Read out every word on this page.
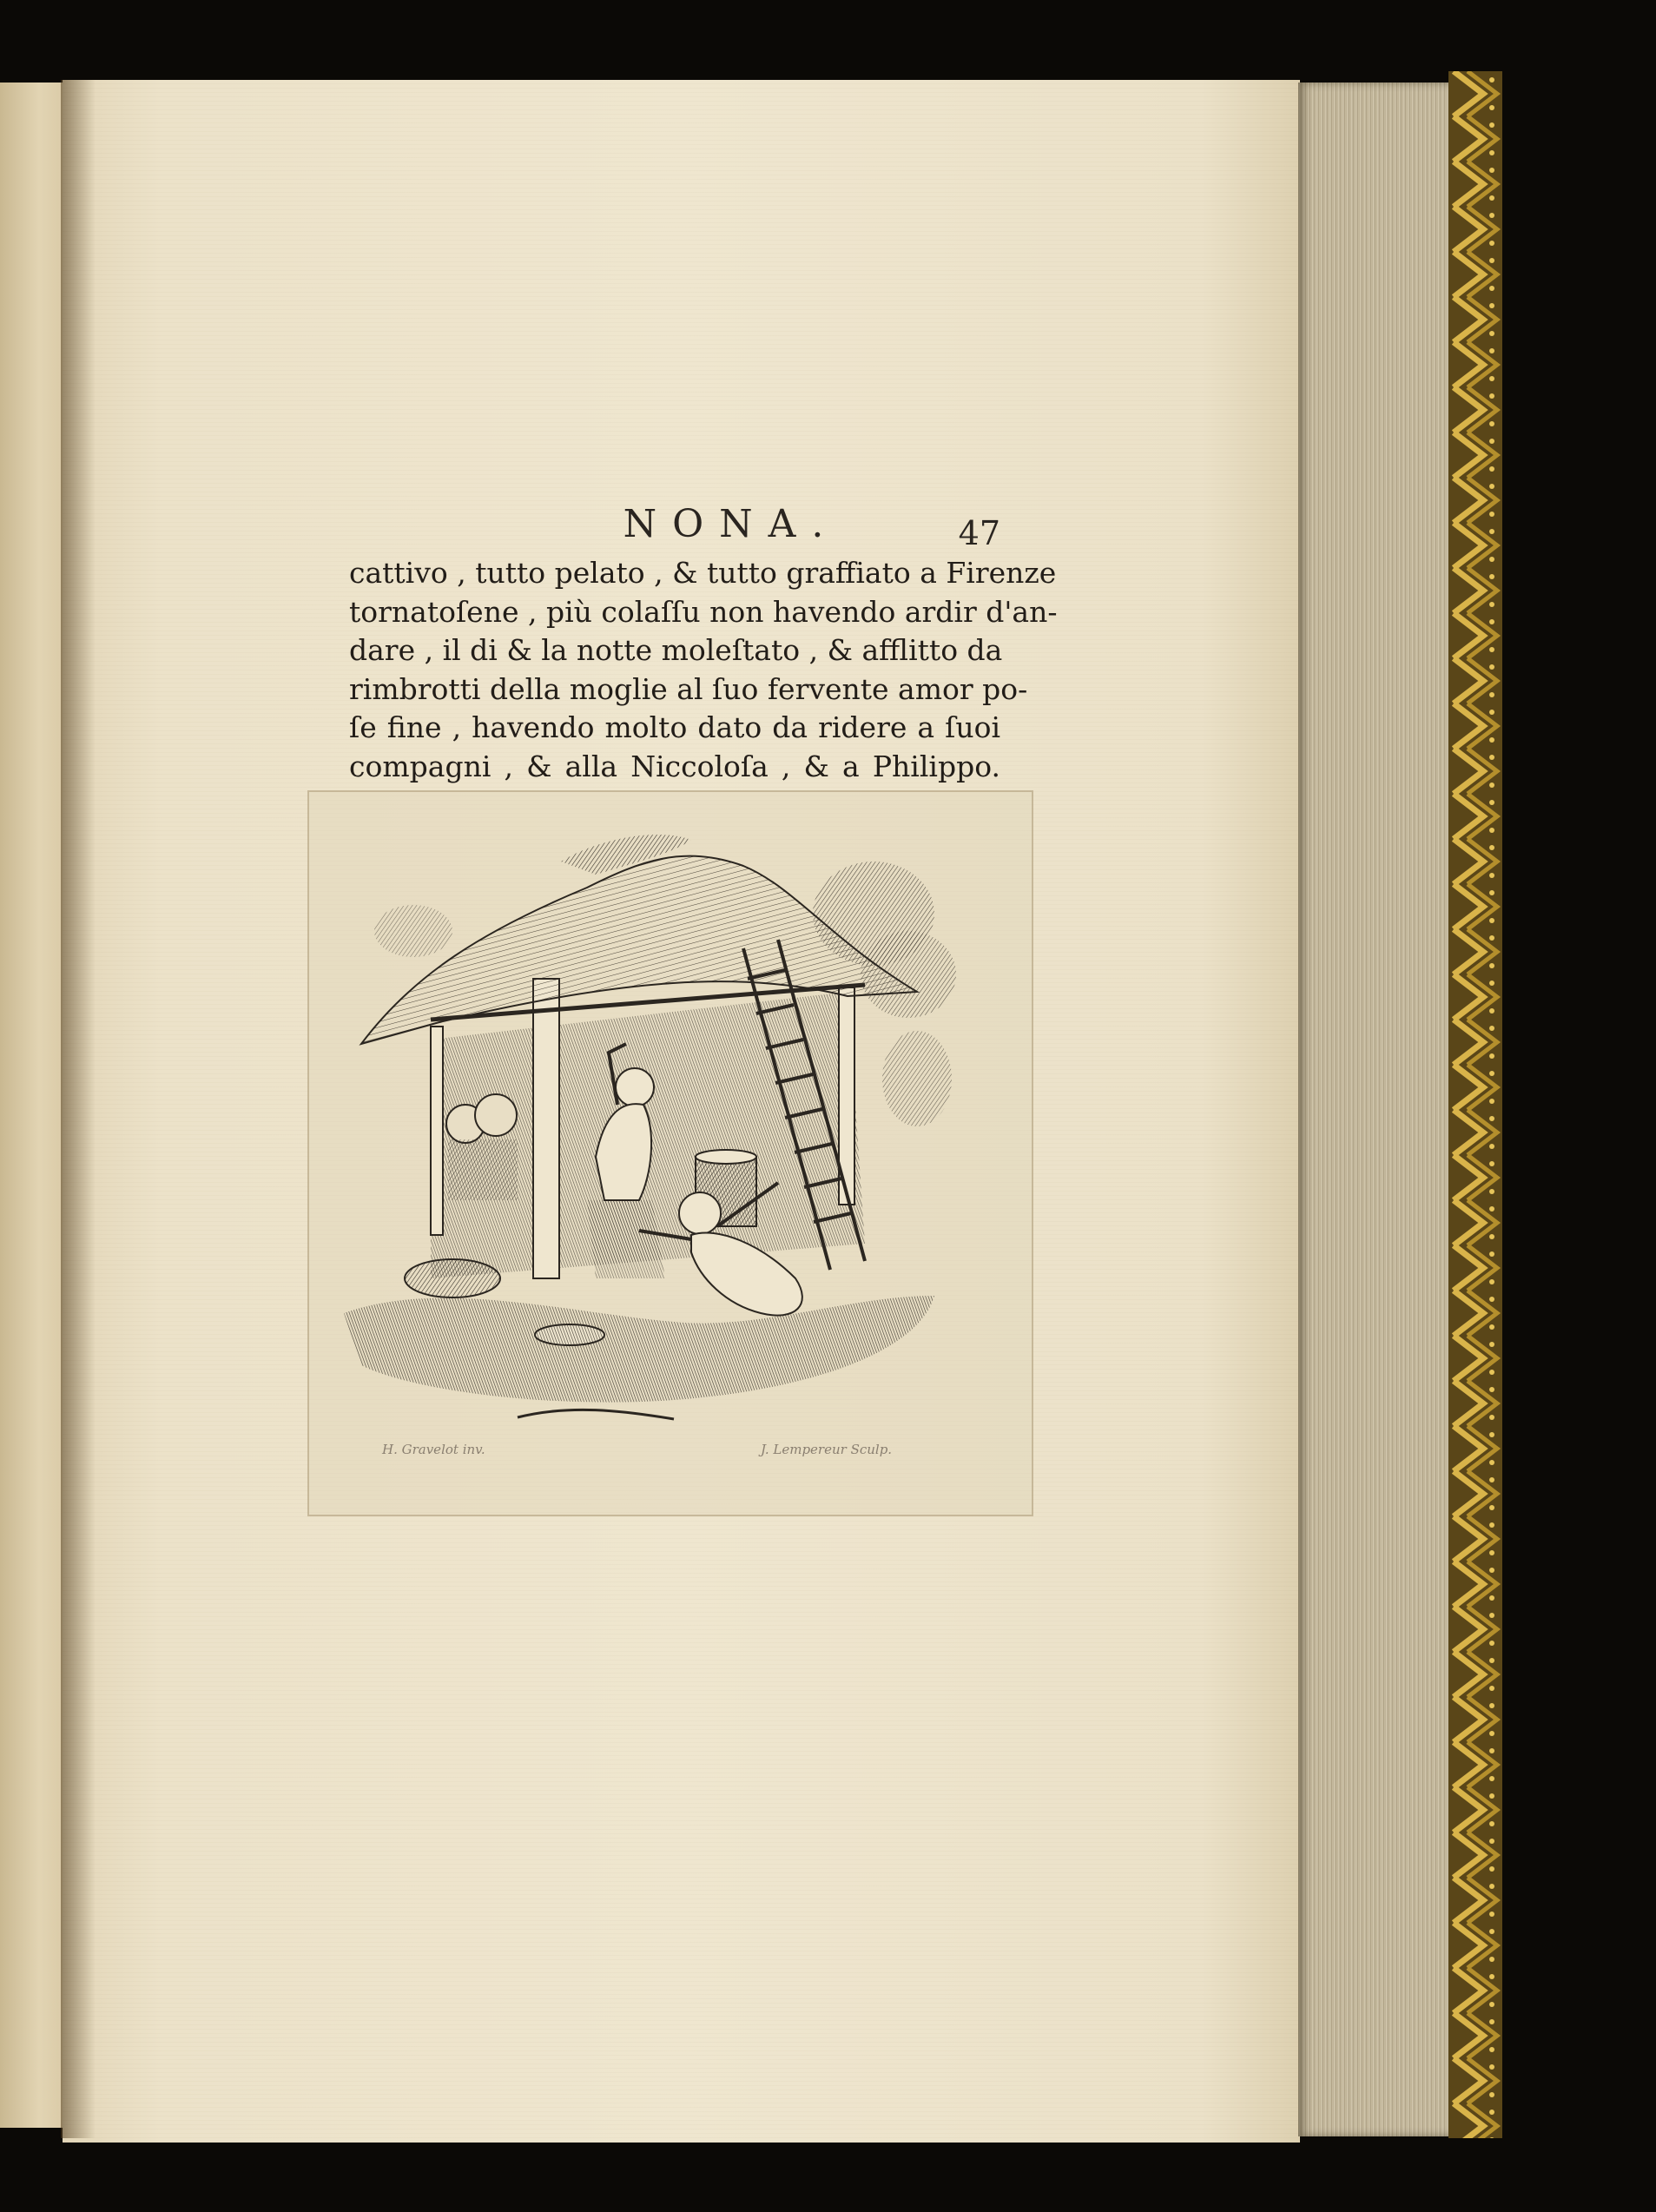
NONA.	47
cattivo , tutto pelato , & tutto graffiato a Firenze
tornatoſene , più colaſſu non havendo ardir d'an-
dare , il di & la notte moleſtato , & afflitto da
rimbrotti della moglie al ſuo fervente amor po-
ſe fine , havendo molto dato da ridere a ſuoi
compagni , & alla Niccoloſa , & a Philippo.
H. Gravelot inv.	J. Lempereur Sculp.
